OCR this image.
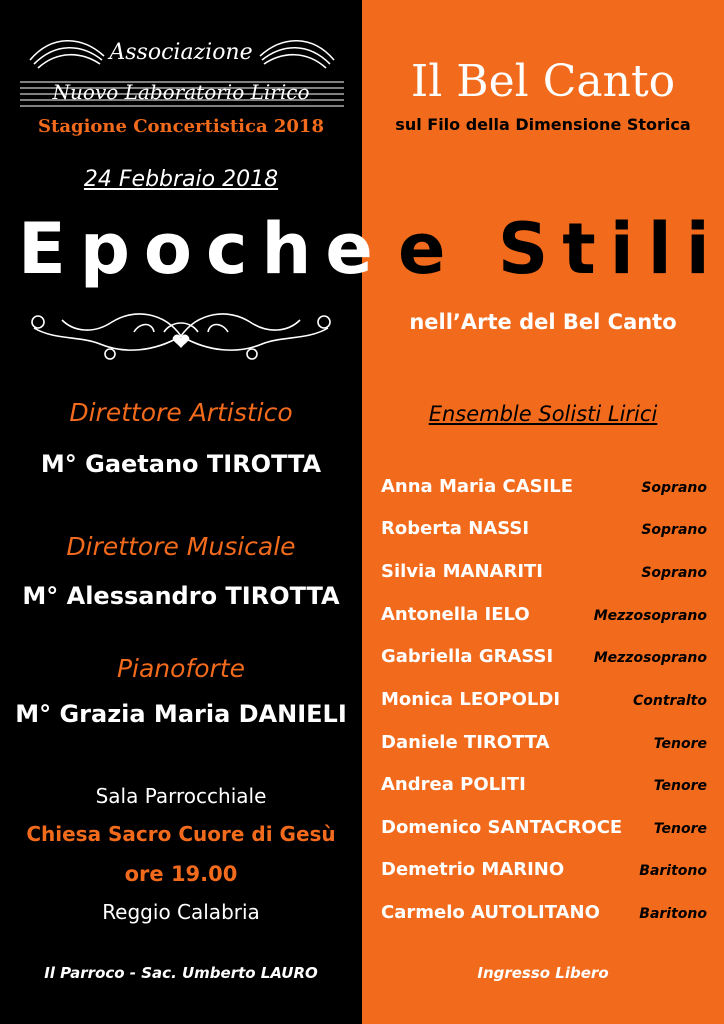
Associazione
Nuovo Laboratorio Lirico
Stagione Concertistica 2018
24 Febbraio 2018
Epoche e Stili
Il Bel Canto
sul Filo della Dimensione Storica
nell’Arte del Bel Canto
Ensemble Solisti Lirici
Direttore Artistico
M° Gaetano TIROTTA
Direttore Musicale
M° Alessandro TIROTTA
Pianoforte
M° Grazia Maria DANIELI
Sala Parrocchiale
Chiesa Sacro Cuore di Gesù
ore 19.00
Reggio Calabria
Anna Maria CASILE	Soprano
Roberta NASSI	Soprano
Silvia MANARITI	Soprano
Antonella IELO	Mezzosoprano
Gabriella GRASSI	Mezzosoprano
Monica LEOPOLDI	Contralto
Daniele TIROTTA	Tenore
Andrea POLITI	Tenore
Domenico SANTACROCE Tenore
Demetrio MARINO	Baritono
Carmelo AUTOLITANO	Baritono
Il Parroco - Sac. Umberto LAURO	Ingresso Libero
